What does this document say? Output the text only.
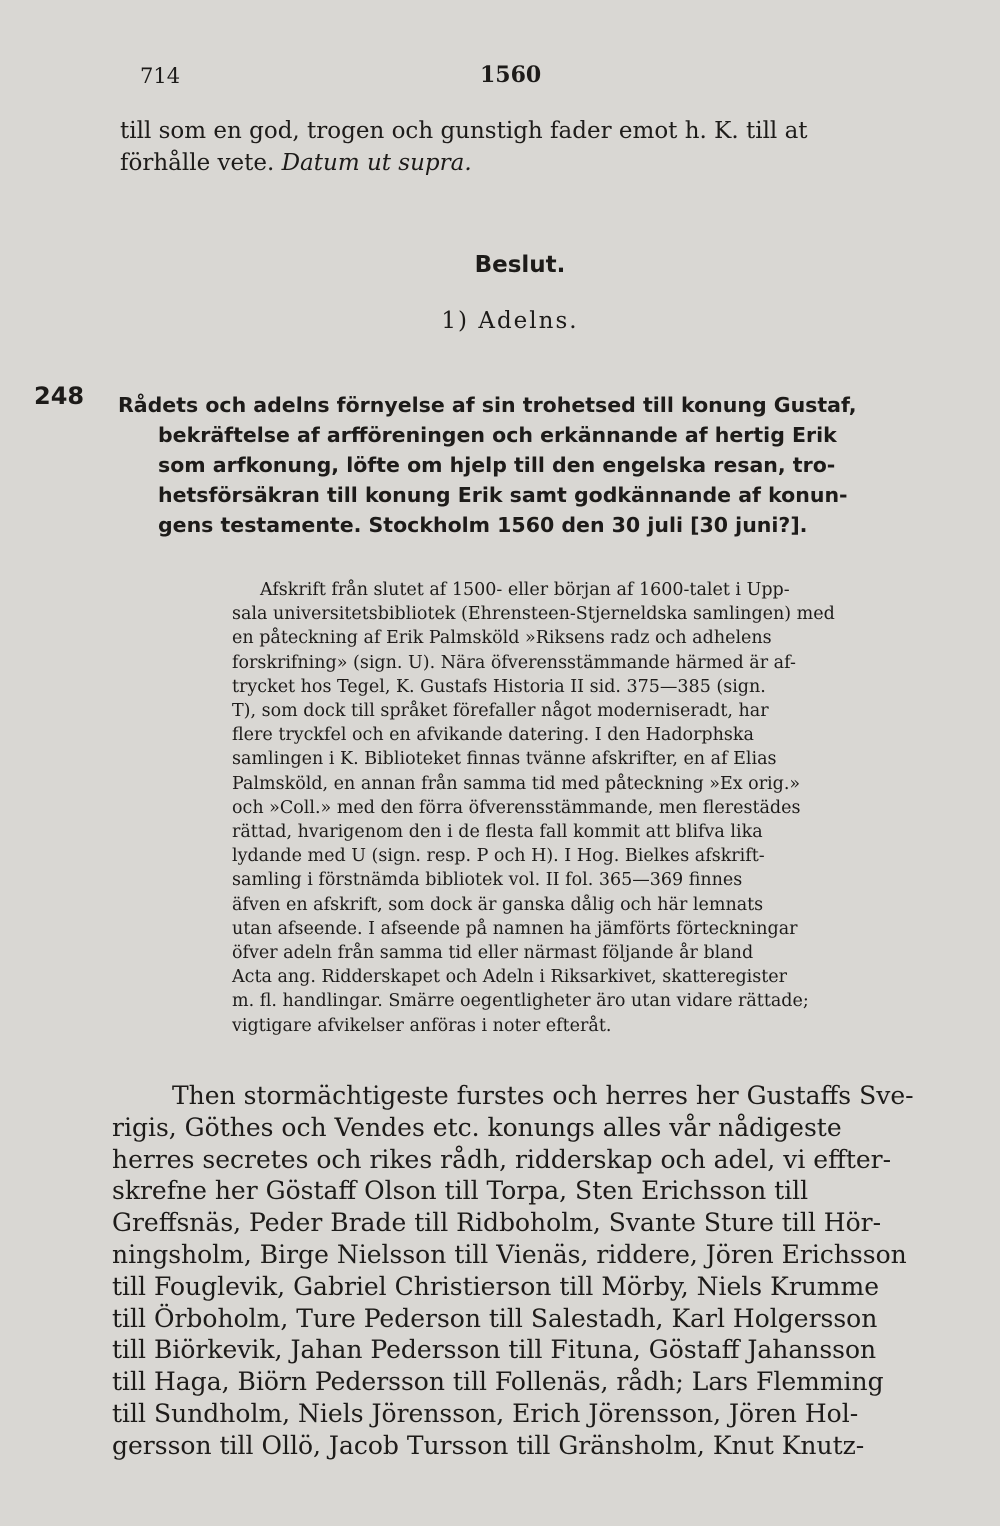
714	1560
till som en god, trogen och gunstigh fader emot h. K. till at
förhålle vete. Datum ut supra.
Beslut.
1) Adelns.
248 Rådets och adelns förnyelse af sin trohetsed till konung Gustaf,
bekräftelse af arfföreningen och erkännande af hertig Erik
som arfkonung, löfte om hjelp till den engelska resan, tro-
hetsförsäkran till konung Erik samt godkännande af konun-
gens testamente. Stockholm 1560 den 30 juli [30 juni?].
Afskrift från slutet af 1500- eller början af 1600-talet i Upp-
sala universitetsbibliotek (Ehrensteen-Stjerneldska samlingen) med
en påteckning af Erik Palmsköld »Riksens radz och adhelens
forskrifning» (sign. U). Nära öfverensstämmande härmed är af-
trycket hos Tegel, K. Gustafs Historia II sid. 375—385 (sign.
T), som dock till språket förefaller något moderniseradt, har
flere tryckfel och en afvikande datering. I den Hadorphska
samlingen i K. Biblioteket finnas tvänne afskrifter, en af Elias
Palmsköld, en annan från samma tid med påteckning »Ex orig.»
och »Coll.» med den förra öfverensstämmande, men flerestädes
rättad, hvarigenom den i de flesta fall kommit att blifva lika
lydande med U (sign. resp. P och H). I Hog. Bielkes afskrift-
samling i förstnämda bibliotek vol. II fol. 365—369 finnes
äfven en afskrift, som dock är ganska dålig och här lemnats
utan afseende. I afseende på namnen ha jämförts förteckningar
öfver adeln från samma tid eller närmast följande år bland
Acta ang. Ridderskapet och Adeln i Riksarkivet, skatteregister
m. fl. handlingar. Smärre oegentligheter äro utan vidare rättade;
vigtigare afvikelser anföras i noter efteråt.
Then stormächtigeste furstes och herres her Gustaffs Sve-
rigis, Göthes och Vendes etc. konungs alles vår nådigeste
herres secretes och rikes rådh, ridderskap och adel, vi effter-
skrefne her Göstaff Olson till Torpa, Sten Erichsson till
Greffsnäs, Peder Brade till Ridboholm, Svante Sture till Hör-
ningsholm, Birge Nielsson till Vienäs, riddere, Jören Erichsson
till Fouglevik, Gabriel Christierson till Mörby, Niels Krumme
till Örboholm, Ture Pederson till Salestadh, Karl Holgersson
till Biörkevik, Jahan Pedersson till Fituna, Göstaff Jahansson
till Haga, Biörn Pedersson till Follenäs, rådh; Lars Flemming
till Sundholm, Niels Jörensson, Erich Jörensson, Jören Hol-
gersson till Ollö, Jacob Tursson till Gränsholm, Knut Knutz-
